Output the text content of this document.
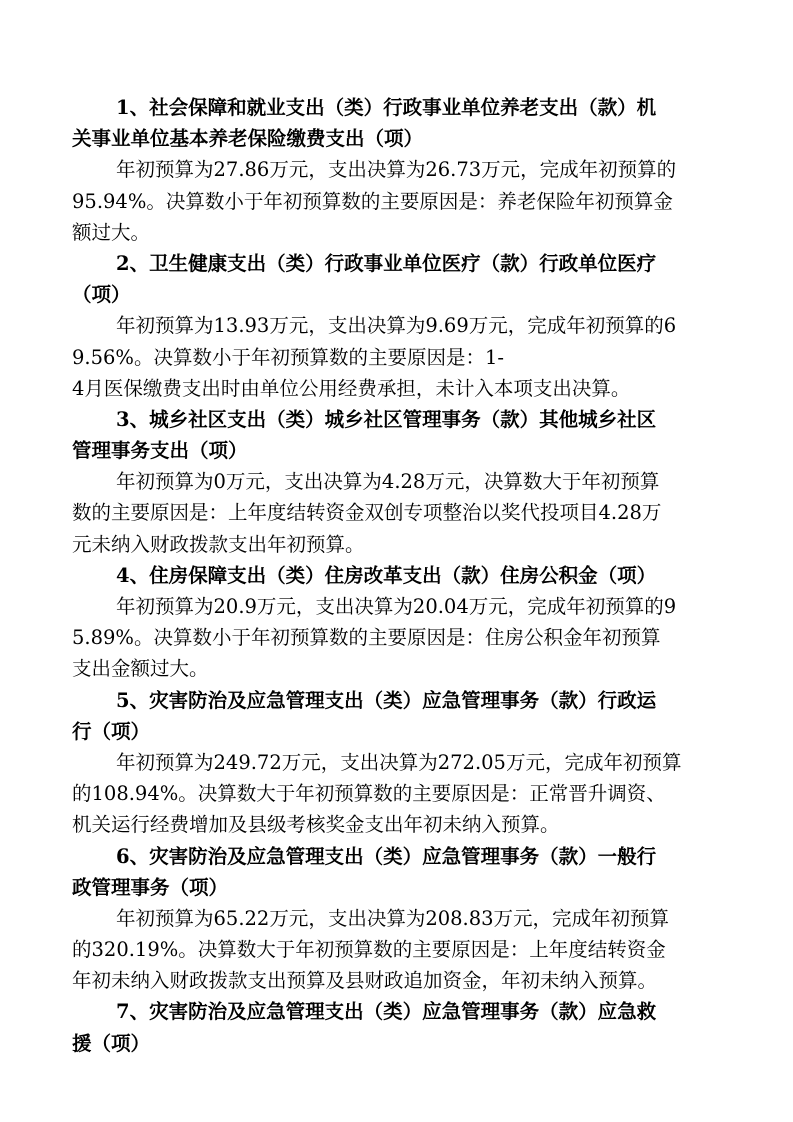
1、社会保障和就业支出（类）行政事业单位养老支出（款）机
关事业单位基本养老保险缴费支出（项）
年初预算为27.86万元，支出决算为26.73万元，完成年初预算的
95.94%。决算数小于年初预算数的主要原因是：养老保险年初预算金
额过大。
2、卫生健康支出（类）行政事业单位医疗（款）行政单位医疗
（项）
年初预算为13.93万元，支出决算为9.69万元，完成年初预算的6
9.56%。决算数小于年初预算数的主要原因是：1-
4月医保缴费支出时由单位公用经费承担，未计入本项支出决算。
3、城乡社区支出（类）城乡社区管理事务（款）其他城乡社区
管理事务支出（项）
年初预算为0万元，支出决算为4.28万元，决算数大于年初预算
数的主要原因是：上年度结转资金双创专项整治以奖代投项目4.28万
元未纳入财政拨款支出年初预算。
4、住房保障支出（类）住房改革支出（款）住房公积金（项）
年初预算为20.9万元，支出决算为20.04万元，完成年初预算的9
5.89%。决算数小于年初预算数的主要原因是：住房公积金年初预算
支出金额过大。
5、灾害防治及应急管理支出（类）应急管理事务（款）行政运
行（项）
年初预算为249.72万元，支出决算为272.05万元，完成年初预算
的108.94%。决算数大于年初预算数的主要原因是：正常晋升调资、
机关运行经费增加及县级考核奖金支出年初未纳入预算。
6、灾害防治及应急管理支出（类）应急管理事务（款）一般行
政管理事务（项）
年初预算为65.22万元，支出决算为208.83万元，完成年初预算
的320.19%。决算数大于年初预算数的主要原因是：上年度结转资金
年初未纳入财政拨款支出预算及县财政追加资金，年初未纳入预算。
7、灾害防治及应急管理支出（类）应急管理事务（款）应急救
援（项）
